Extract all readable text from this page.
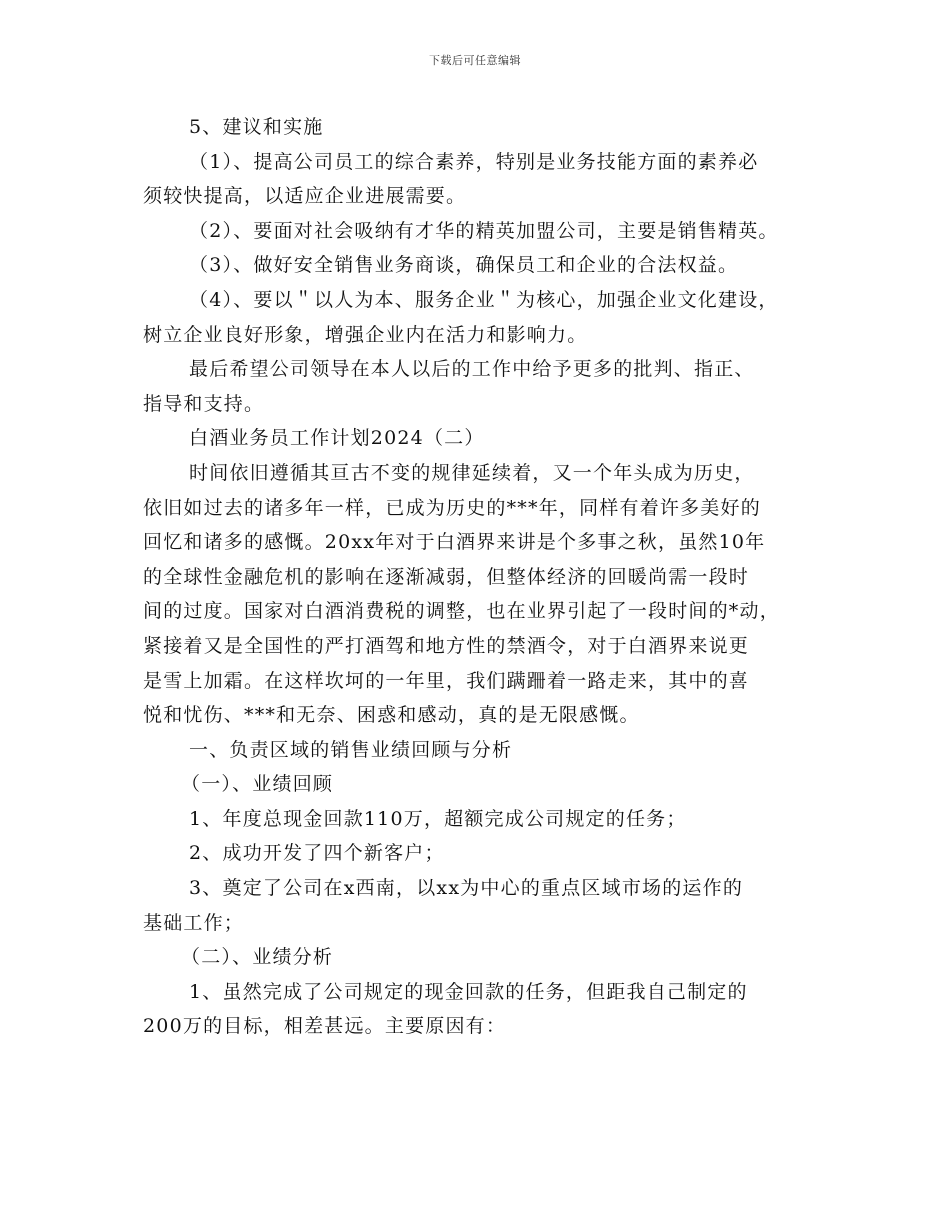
下载后可任意编辑
5、建议和实施
（1）、提高公司员工的综合素养，特别是业务技能方面的素养必
须较快提高，以适应企业进展需要。
（2）、要面对社会吸纳有才华的精英加盟公司，主要是销售精英。
（3）、做好安全销售业务商谈，确保员工和企业的合法权益。
（4）、要以＂以人为本、服务企业＂为核心，加强企业文化建设，
树立企业良好形象，增强企业内在活力和影响力。
最后希望公司领导在本人以后的工作中给予更多的批判、指正、
指导和支持。
白酒业务员工作计划2024（二）
时间依旧遵循其亘古不变的规律延续着，又一个年头成为历史，
依旧如过去的诸多年一样，已成为历史的***年，同样有着许多美好的
回忆和诸多的感慨。20xx年对于白酒界来讲是个多事之秋，虽然10年
的全球性金融危机的影响在逐渐减弱，但整体经济的回暖尚需一段时
间的过度。国家对白酒消费税的调整，也在业界引起了一段时间的*动，
紧接着又是全国性的严打酒驾和地方性的禁酒令，对于白酒界来说更
是雪上加霜。在这样坎坷的一年里，我们蹒跚着一路走来，其中的喜
悦和忧伤、***和无奈、困惑和感动，真的是无限感慨。
一、负责区域的销售业绩回顾与分析
（一）、业绩回顾
1、年度总现金回款110万，超额完成公司规定的任务；
2、成功开发了四个新客户；
3、奠定了公司在x西南，以xx为中心的重点区域市场的运作的
基础工作；
（二）、业绩分析
1、虽然完成了公司规定的现金回款的任务，但距我自己制定的
200万的目标，相差甚远。主要原因有：
